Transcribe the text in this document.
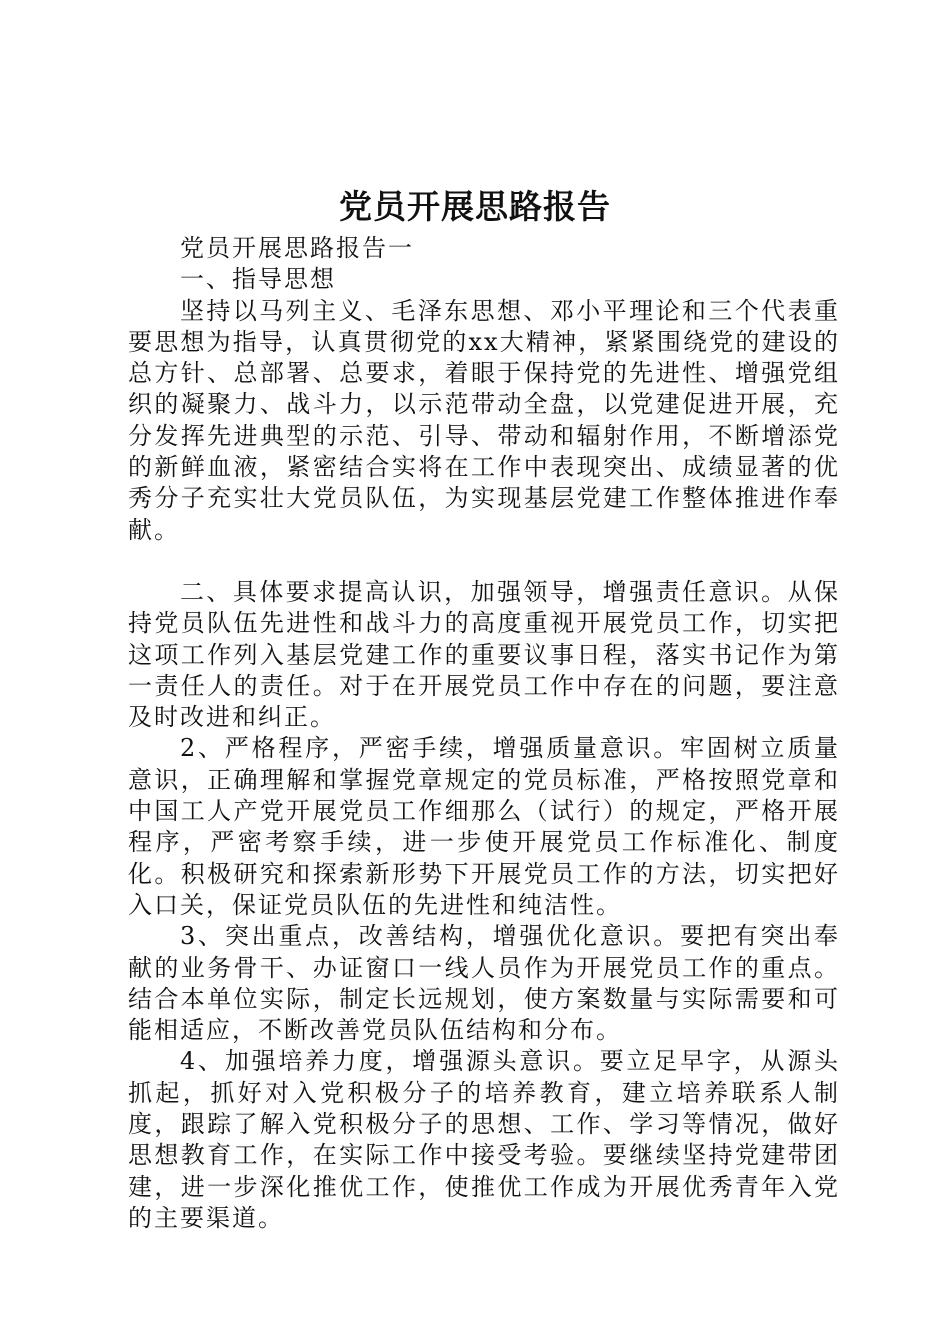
党员开展思路报告

党员开展思路报告一

一、指导思想

坚持以马列主义、毛泽东思想、邓小平理论和三个代表重要思想为指导，认真贯彻党的xx大精神，紧紧围绕党的建设的总方针、总部署、总要求，着眼于保持党的先进性、增强党组织的凝聚力、战斗力，以示范带动全盘，以党建促进开展，充分发挥先进典型的示范、引导、带动和辐射作用，不断增添党的新鲜血液，紧密结合实将在工作中表现突出、成绩显著的优秀分子充实壮大党员队伍，为实现基层党建工作整体推进作奉献。

二、具体要求提高认识，加强领导，增强责任意识。从保持党员队伍先进性和战斗力的高度重视开展党员工作，切实把这项工作列入基层党建工作的重要议事日程，落实书记作为第一责任人的责任。对于在开展党员工作中存在的问题，要注意及时改进和纠正。

2、严格程序，严密手续，增强质量意识。牢固树立质量意识，正确理解和掌握党章规定的党员标准，严格按照党章和中国工人产党开展党员工作细那么（试行）的规定，严格开展程序，严密考察手续，进一步使开展党员工作标准化、制度化。积极研究和探索新形势下开展党员工作的方法，切实把好入口关，保证党员队伍的先进性和纯洁性。

3、突出重点，改善结构，增强优化意识。要把有突出奉献的业务骨干、办证窗口一线人员作为开展党员工作的重点。结合本单位实际，制定长远规划，使方案数量与实际需要和可能相适应，不断改善党员队伍结构和分布。

4、加强培养力度，增强源头意识。要立足早字，从源头抓起，抓好对入党积极分子的培养教育，建立培养联系人制度，跟踪了解入党积极分子的思想、工作、学习等情况，做好思想教育工作，在实际工作中接受考验。要继续坚持党建带团建，进一步深化推优工作，使推优工作成为开展优秀青年入党的主要渠道。
